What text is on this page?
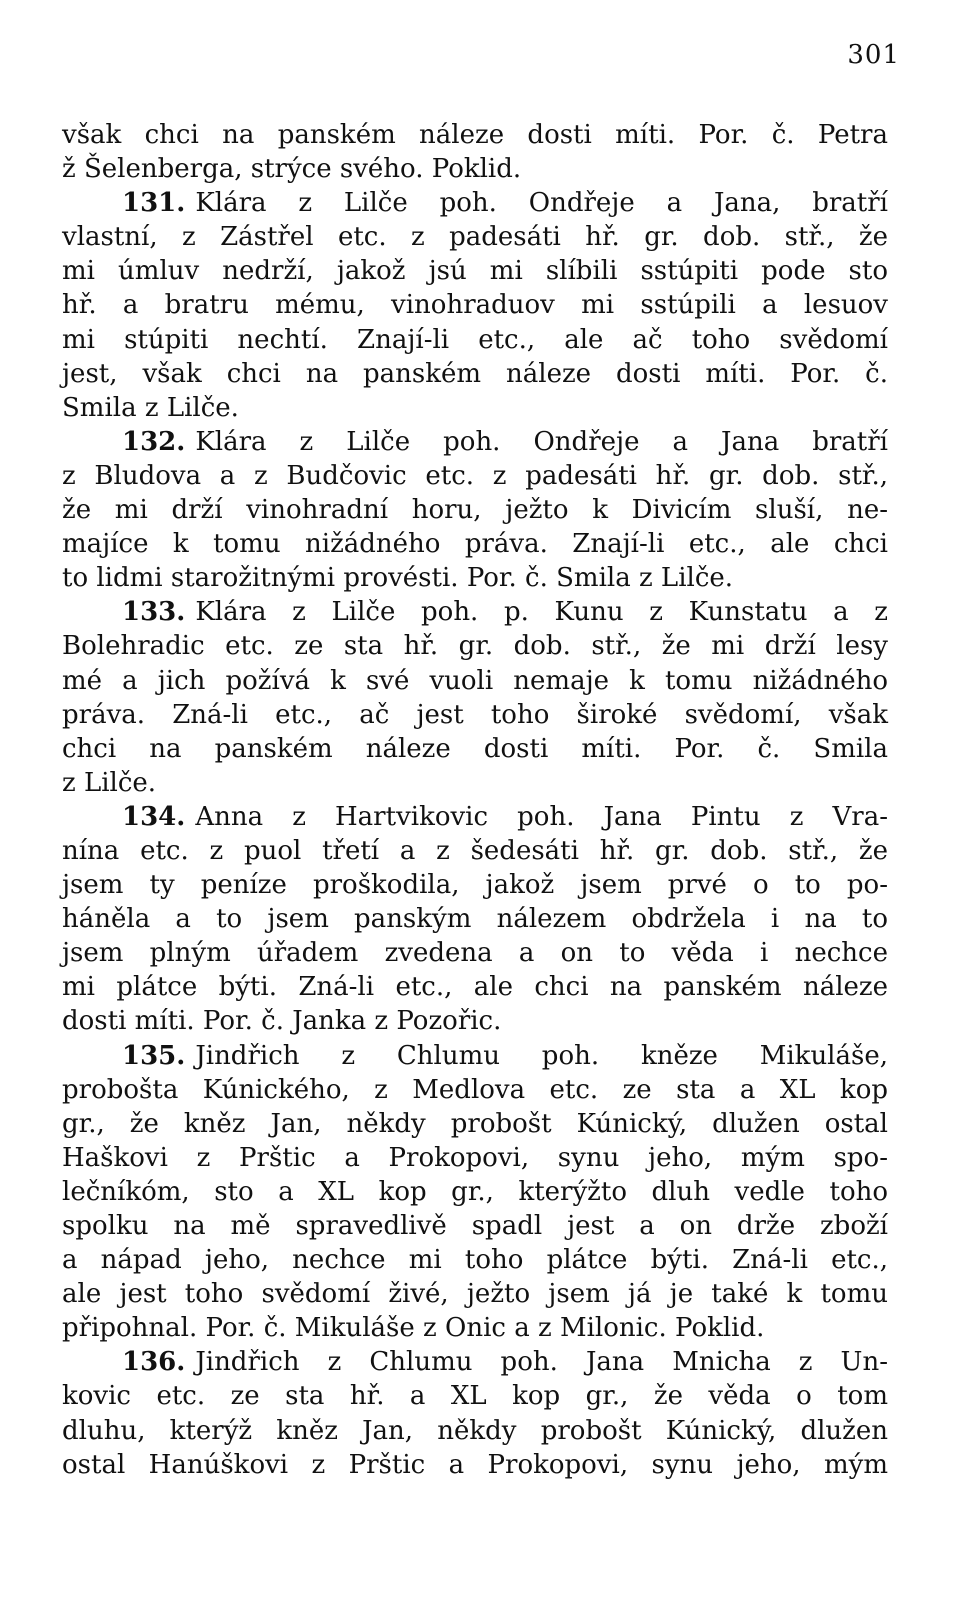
301
však chci na panském náleze dosti míti. Por. č. Petra
ž Šelenberga, strýce svého. Poklid.
131. Klára z Lilče poh. Ondřeje a Jana, bratří
vlastní, z Zástřel etc. z padesáti hř. gr. dob. stř., že
mi úmluv nedrží, jakož jsú mi slíbili sstúpiti pode sto
hř. a bratru mému, vinohraduov mi sstúpili a lesuov
mi stúpiti nechtí. Znají-li etc., ale ač toho svědomí
jest, však chci na panském náleze dosti míti. Por. č.
Smila z Lilče.
132. Klára z Lilče poh. Ondřeje a Jana bratří
z Bludova a z Budčovic etc. z padesáti hř. gr. dob. stř.,
že mi drží vinohradní horu, ježto k Divicím sluší, ne-
majíce k tomu nižádného práva. Znají-li etc., ale chci
to lidmi starožitnými provésti. Por. č. Smila z Lilče.
133. Klára z Lilče poh. p. Kunu z Kunstatu a z
Bolehradic etc. ze sta hř. gr. dob. stř., že mi drží lesy
mé a jich požívá k své vuoli nemaje k tomu nižádného
práva. Zná-li etc., ač jest toho široké svědomí, však
chci na panském náleze dosti míti. Por. č. Smila
z Lilče.
134. Anna z Hartvikovic poh. Jana Pintu z Vra-
nína etc. z puol třetí a z šedesáti hř. gr. dob. stř., že
jsem ty peníze proškodila, jakož jsem prvé o to po-
háněla a to jsem panským nálezem obdržela i na to
jsem plným úřadem zvedena a on to věda i nechce
mi plátce býti. Zná-li etc., ale chci na panském náleze
dosti míti. Por. č. Janka z Pozořic.
135. Jindřich z Chlumu poh. kněze Mikuláše,
probošta Kúnického, z Medlova etc. ze sta a XL kop
gr., že kněz Jan, někdy probošt Kúnický, dlužen ostal
Haškovi z Prštic a Prokopovi, synu jeho, mým spo-
lečníkóm, sto a XL kop gr., kterýžto dluh vedle toho
spolku na mě spravedlivě spadl jest a on drže zboží
a nápad jeho, nechce mi toho plátce býti. Zná-li etc.,
ale jest toho svědomí živé, ježto jsem já je také k tomu
připohnal. Por. č. Mikuláše z Onic a z Milonic. Poklid.
136. Jindřich z Chlumu poh. Jana Mnicha z Un-
kovic etc. ze sta hř. a XL kop gr., že věda o tom
dluhu, kterýž kněz Jan, někdy probošt Kúnický, dlužen
ostal Hanúškovi z Prštic a Prokopovi, synu jeho, mým
